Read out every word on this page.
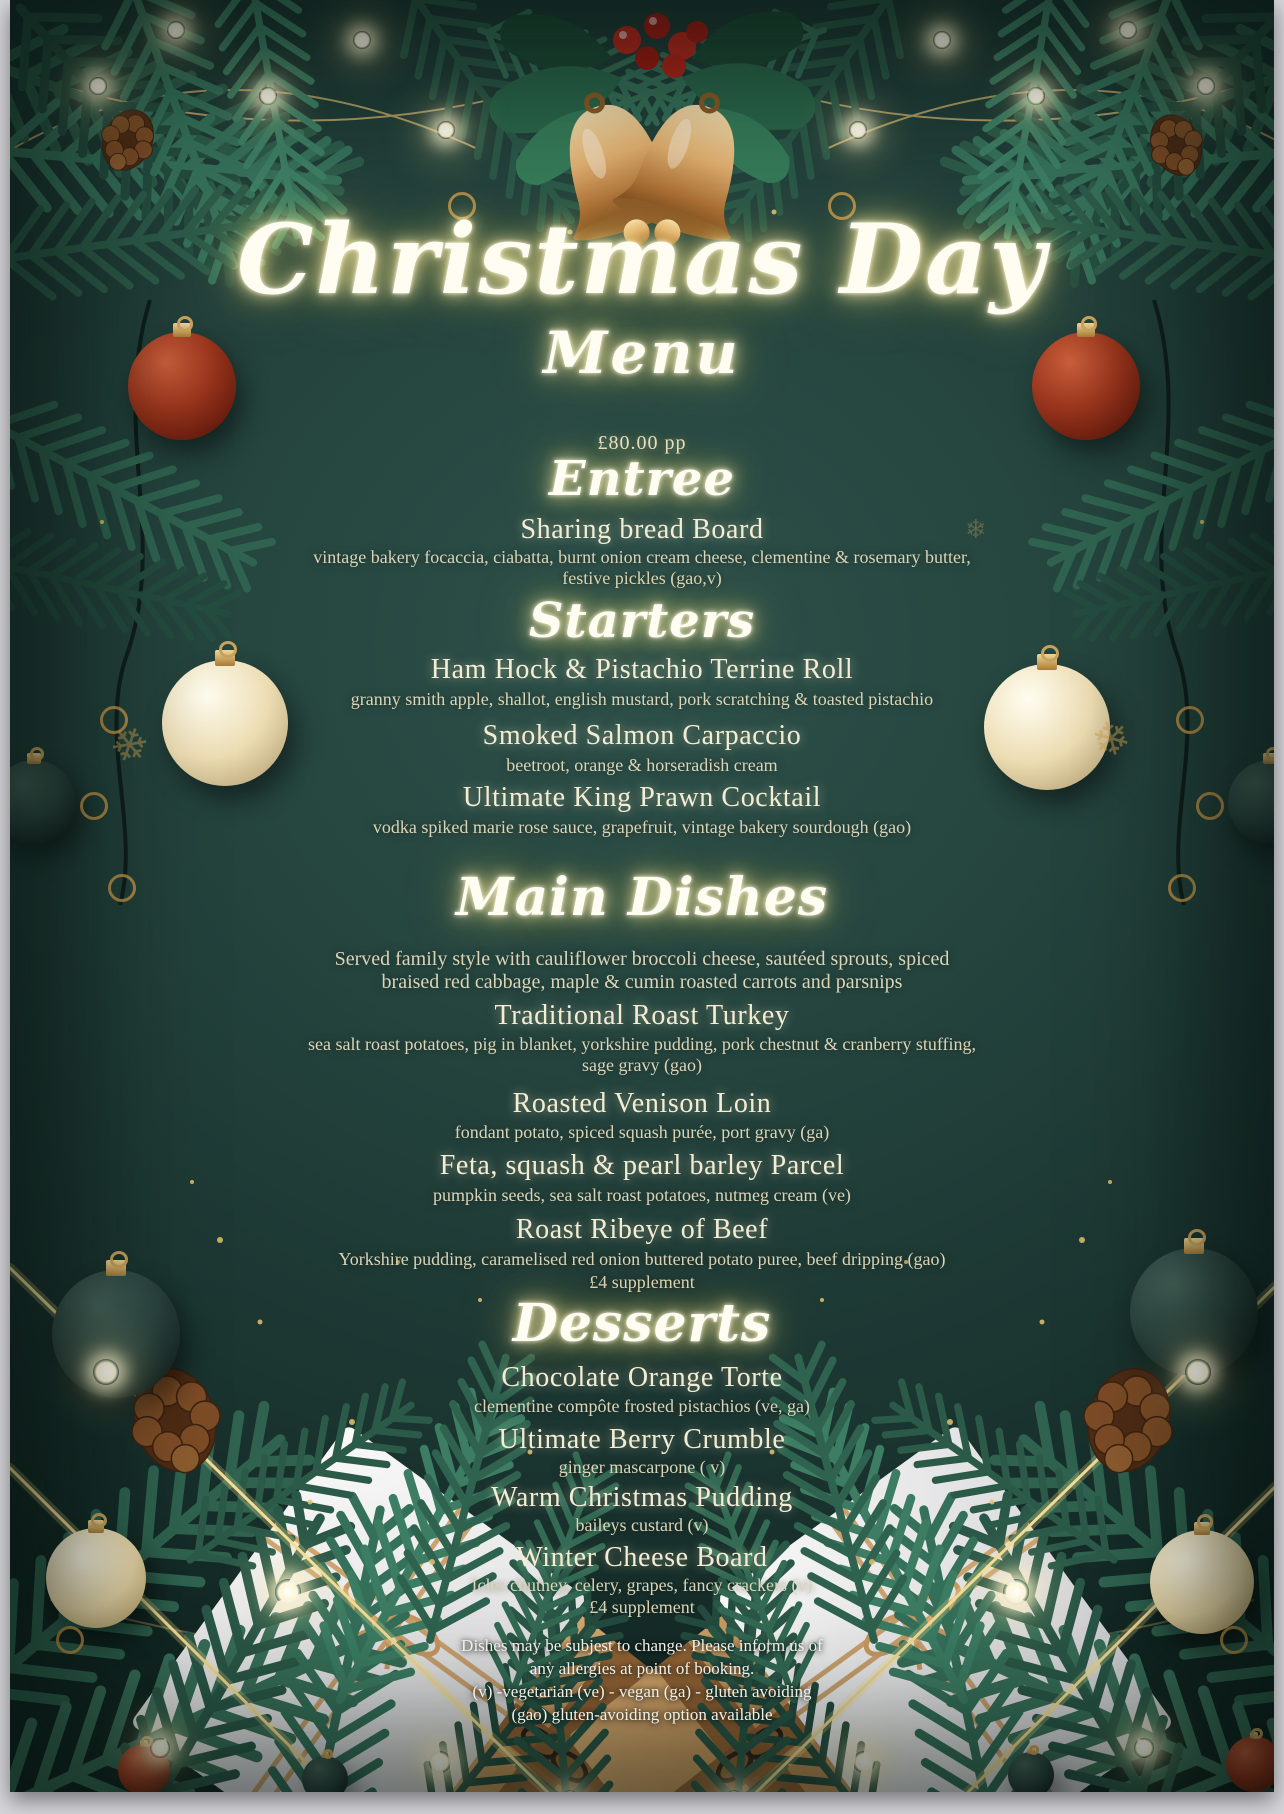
❄	❄
❄
Christmas Day
Menu
£80.00 pp
Entree
Sharing bread Board
vintage bakery focaccia, ciabatta, burnt onion cream cheese, clementine & rosemary butter, festive pickles (gao,v)
Starters
Ham Hock & Pistachio Terrine Roll
granny smith apple, shallot, english mustard, pork scratching & toasted pistachio
Smoked Salmon Carpaccio
beetroot, orange & horseradish cream
Ultimate King Prawn Cocktail
vodka spiked marie rose sauce, grapefruit, vintage bakery sourdough (gao)
Main Dishes
Served family style with cauliflower broccoli cheese, sautéed sprouts, spiced braised red cabbage, maple & cumin roasted carrots and parsnips
Traditional Roast Turkey
sea salt roast potatoes, pig in blanket, yorkshire pudding, pork chestnut & cranberry stuffing, sage gravy (gao)
Roasted Venison Loin
fondant potato, spiced squash purée, port gravy (ga)
Feta, squash & pearl barley Parcel
pumpkin seeds, sea salt roast potatoes, nutmeg cream (ve)
Roast Ribeye of Beef
Yorkshire pudding, caramelised red onion buttered potato puree, beef dripping (gao)
£4 supplement
Desserts
Chocolate Orange Torte
clementine compôte frosted pistachios (ve, ga)
Ultimate Berry Crumble
ginger mascarpone ( v)
Warm Christmas Pudding
baileys custard (v)
Winter Cheese Board
Icles chutney, celery, grapes, fancy crackers (v)
£4 supplement
Dishes may be subjest to change. Please inform us of
any allergies at point of booking.
(v) -vegetarian (ve) - vegan (ga) - gluten avoiding
(gao) gluten-avoiding option available
